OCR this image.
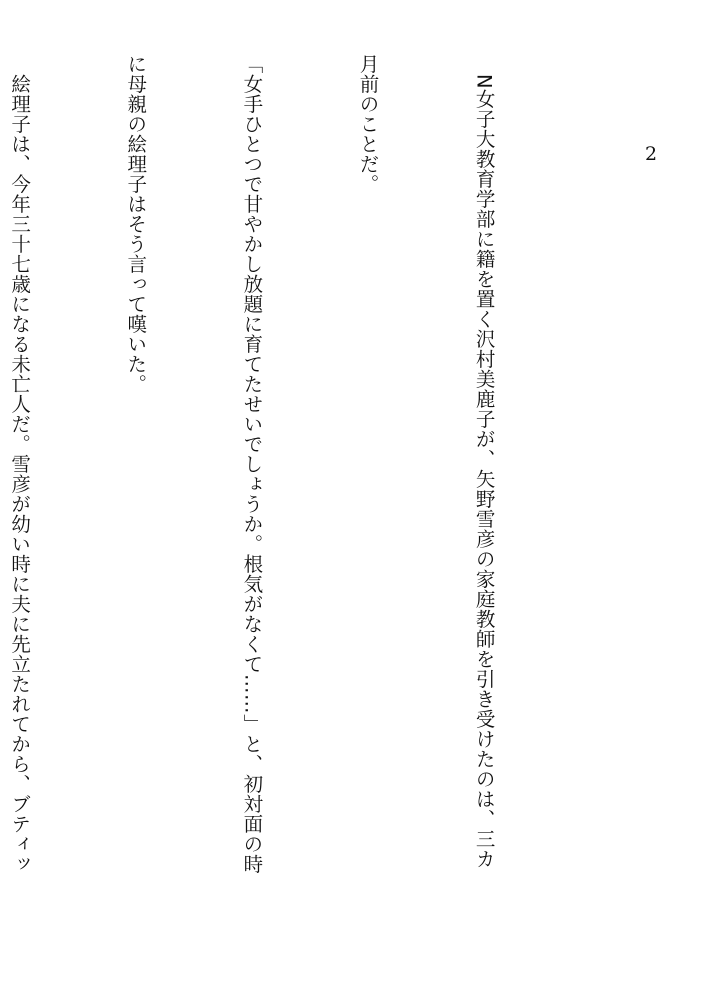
2

　N女子大教育学部に籍を置く沢村美鹿子が、矢野雪彦の家庭教師を引き受けたのは、三カ

月前のことだ。

「女手ひとつで甘やかし放題に育てたせいでしょうか。根気がなくて……」と、初対面の時

に母親の絵理子はそう言って嘆いた。

　絵理子は、今年三十七歳になる未亡人だ。雪彦が幼い時に夫に先立たれてから、ブティッ
